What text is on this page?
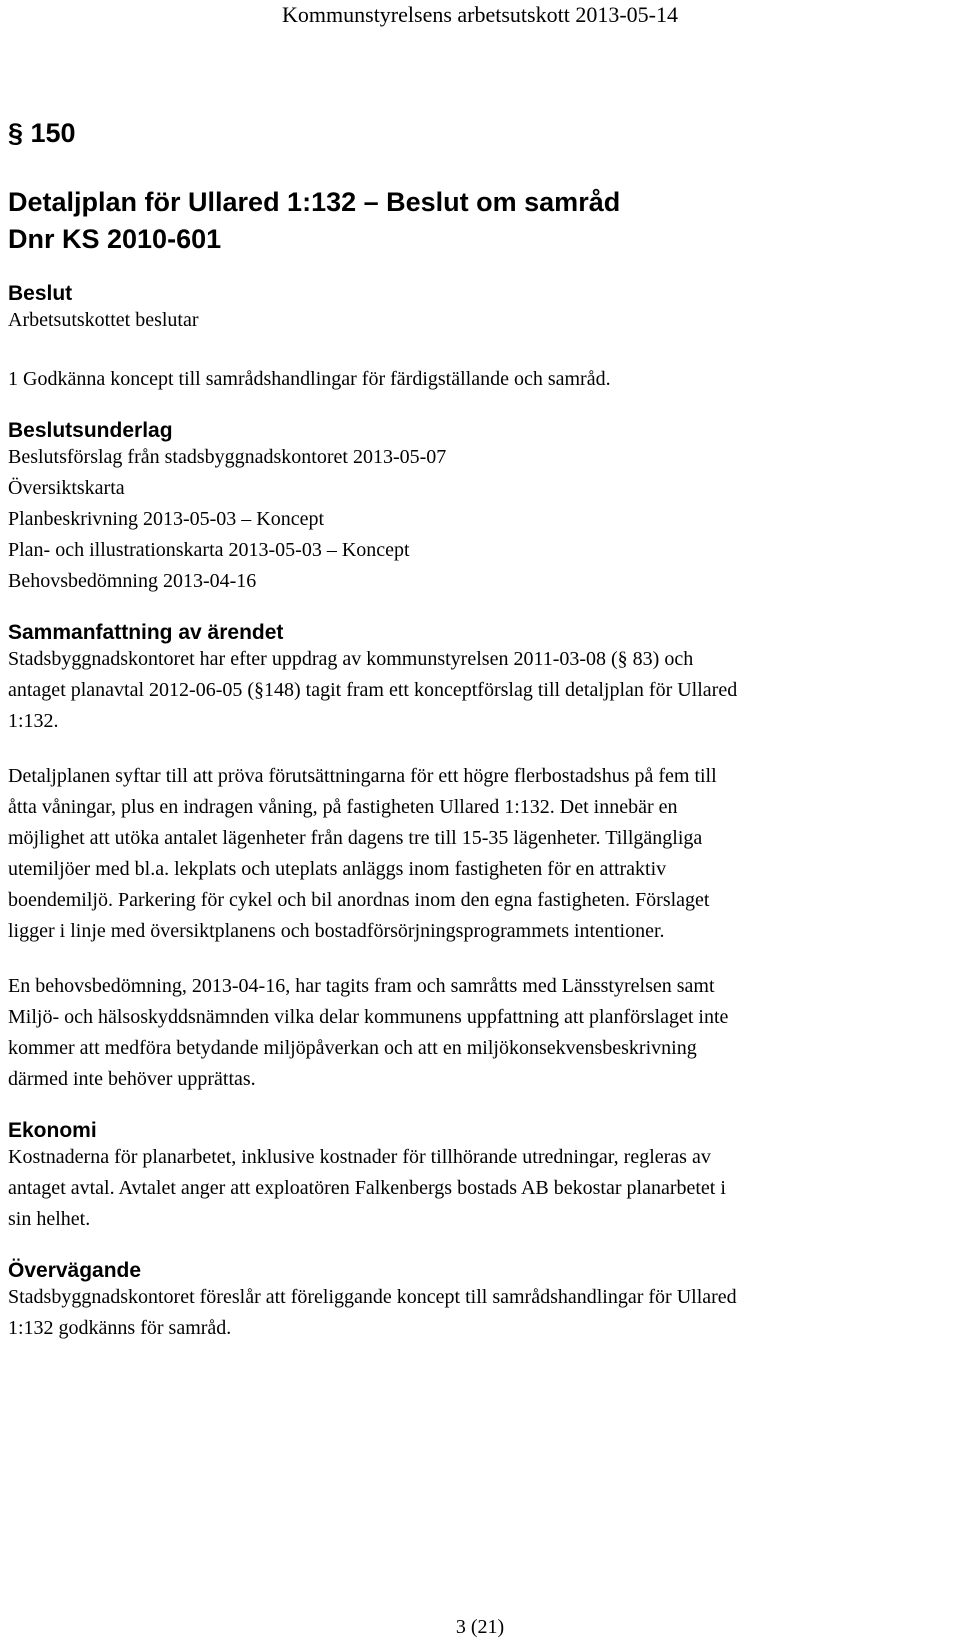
Kommunstyrelsens arbetsutskott 2013-05-14
§ 150
Detaljplan för Ullared 1:132 – Beslut om samråd
Dnr KS 2010-601
Beslut
Arbetsutskottet beslutar
1 Godkänna koncept till samrådshandlingar för färdigställande och samråd.
Beslutsunderlag
Beslutsförslag från stadsbyggnadskontoret 2013-05-07
Översiktskarta
Planbeskrivning 2013-05-03 – Koncept
Plan- och illustrationskarta 2013-05-03 – Koncept
Behovsbedömning 2013-04-16
Sammanfattning av ärendet
Stadsbyggnadskontoret har efter uppdrag av kommunstyrelsen 2011-03-08 (§ 83) och
antaget planavtal 2012-06-05 (§148) tagit fram ett konceptförslag till detaljplan för Ullared
1:132.
Detaljplanen syftar till att pröva förutsättningarna för ett högre flerbostadshus på fem till
åtta våningar, plus en indragen våning, på fastigheten Ullared 1:132. Det innebär en
möjlighet att utöka antalet lägenheter från dagens tre till 15-35 lägenheter. Tillgängliga
utemiljöer med bl.a. lekplats och uteplats anläggs inom fastigheten för en attraktiv
boendemiljö. Parkering för cykel och bil anordnas inom den egna fastigheten. Förslaget
ligger i linje med översiktplanens och bostadförsörjningsprogrammets intentioner.
En behovsbedömning, 2013-04-16, har tagits fram och samråtts med Länsstyrelsen samt
Miljö- och hälsoskyddsnämnden vilka delar kommunens uppfattning att planförslaget inte
kommer att medföra betydande miljöpåverkan och att en miljökonsekvensbeskrivning
därmed inte behöver upprättas.
Ekonomi
Kostnaderna för planarbetet, inklusive kostnader för tillhörande utredningar, regleras av
antaget avtal. Avtalet anger att exploatören Falkenbergs bostads AB bekostar planarbetet i
sin helhet.
Övervägande
Stadsbyggnadskontoret föreslår att föreliggande koncept till samrådshandlingar för Ullared
1:132 godkänns för samråd.
3 (21)
